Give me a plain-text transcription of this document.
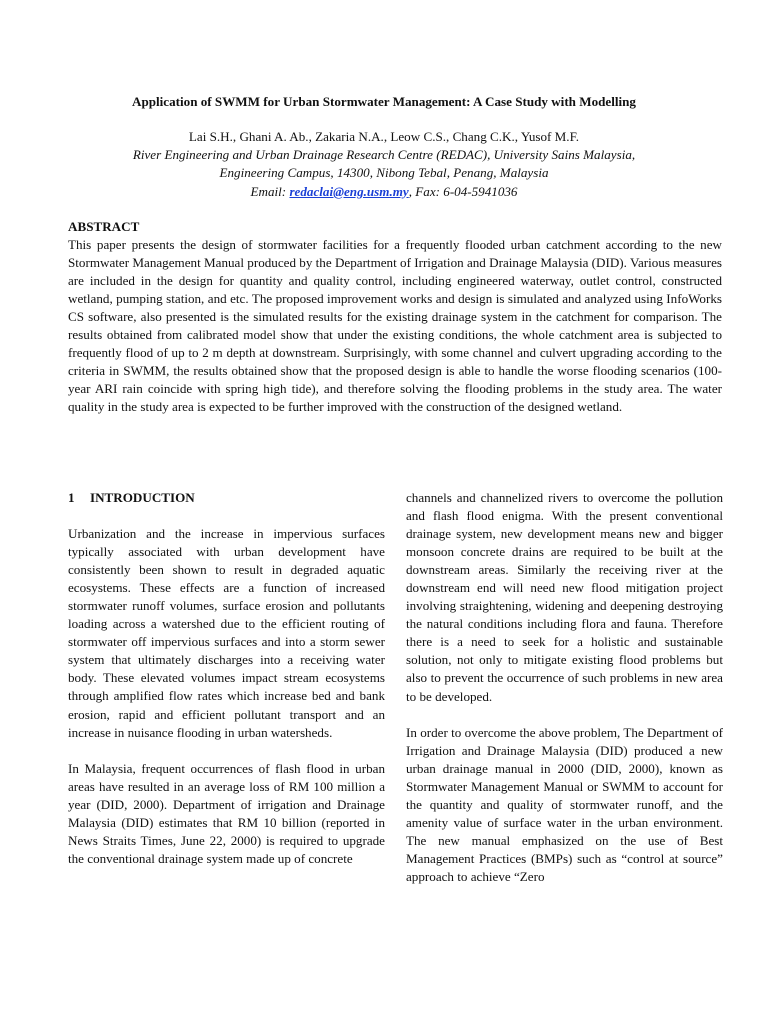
Application of SWMM for Urban Stormwater Management: A Case Study with Modelling
Lai S.H., Ghani A. Ab., Zakaria N.A., Leow C.S., Chang C.K., Yusof M.F.
River Engineering and Urban Drainage Research Centre (REDAC), University Sains Malaysia,
Engineering Campus, 14300, Nibong Tebal, Penang, Malaysia
Email: redaclai@eng.usm.my, Fax: 6-04-5941036
ABSTRACT
This paper presents the design of stormwater facilities for a frequently flooded urban catchment according to the new Stormwater Management Manual produced by the Department of Irrigation and Drainage Malaysia (DID). Various measures are included in the design for quantity and quality control, including engineered waterway, outlet control, constructed wetland, pumping station, and etc. The proposed improvement works and design is simulated and analyzed using InfoWorks CS software, also presented is the simulated results for the existing drainage system in the catchment for comparison. The results obtained from calibrated model show that under the existing conditions, the whole catchment area is subjected to frequently flood of up to 2 m depth at downstream. Surprisingly, with some channel and culvert upgrading according to the criteria in SWMM, the results obtained show that the proposed design is able to handle the worse flooding scenarios (100-year ARI rain coincide with spring high tide), and therefore solving the flooding problems in the study area. The water quality in the study area is expected to be further improved with the construction of the designed wetland.
1 INTRODUCTION

Urbanization and the increase in impervious surfaces typically associated with urban development have consistently been shown to result in degraded aquatic ecosystems. These effects are a function of increased stormwater runoff volumes, surface erosion and pollutants loading across a watershed due to the efficient routing of stormwater off impervious surfaces and into a storm sewer system that ultimately discharges into a receiving water body. These elevated volumes impact stream ecosystems through amplified flow rates which increase bed and bank erosion, rapid and efficient pollutant transport and an increase in nuisance flooding in urban watersheds.

In Malaysia, frequent occurrences of flash flood in urban areas have resulted in an average loss of RM 100 million a year (DID, 2000). Department of irrigation and Drainage Malaysia (DID) estimates that RM 10 billion (reported in News Straits Times, June 22, 2000) is required to upgrade the conventional drainage system made up of concrete

channels and channelized rivers to overcome the pollution and flash flood enigma. With the present conventional drainage system, new development means new and bigger monsoon concrete drains are required to be built at the downstream areas. Similarly the receiving river at the downstream end will need new flood mitigation project involving straightening, widening and deepening destroying the natural conditions including flora and fauna. Therefore there is a need to seek for a holistic and sustainable solution, not only to mitigate existing flood problems but also to prevent the occurrence of such problems in new area to be developed.

In order to overcome the above problem, The Department of Irrigation and Drainage Malaysia (DID) produced a new urban drainage manual in 2000 (DID, 2000), known as Stormwater Management Manual or SWMM to account for the quantity and quality of stormwater runoff, and the amenity value of surface water in the urban environment. The new manual emphasized on the use of Best Management Practices (BMPs) such as “control at source” approach to achieve “Zero
